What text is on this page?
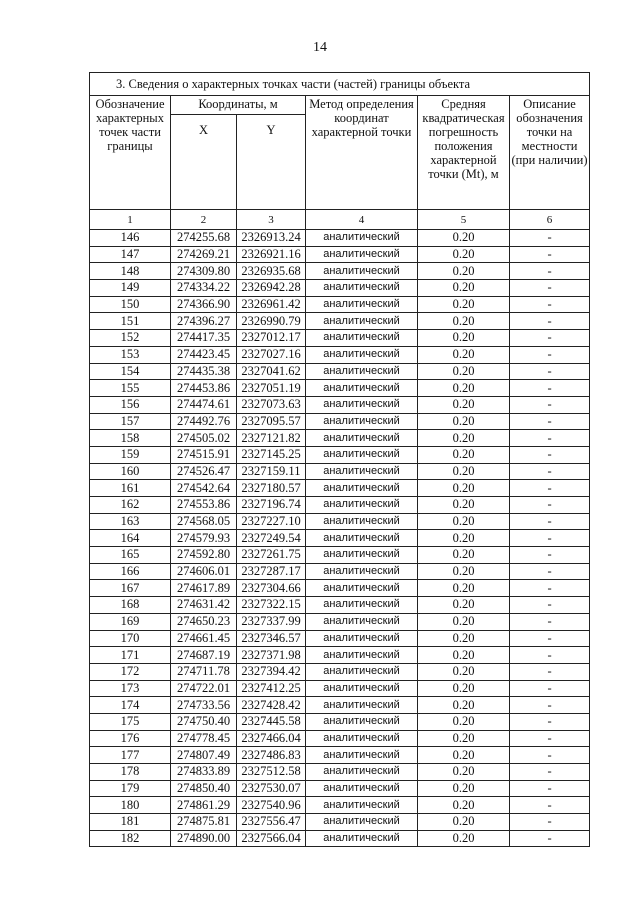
14
3. Сведения о характерных точках части (частей) границы объекта					
Обозначение характерных точек части границы	Координаты, м		Метод определения координат характерной точки	Средняя квадратическая погрешность положения характерной точки (Mt), м	Описание обозначения точки на местности (при наличии)
	X	Y			
1	2	3	4	5	6
146	274255.68	2326913.24	аналитический	0.20	-
147	274269.21	2326921.16	аналитический	0.20	-
148	274309.80	2326935.68	аналитический	0.20	-
149	274334.22	2326942.28	аналитический	0.20	-
150	274366.90	2326961.42	аналитический	0.20	-
151	274396.27	2326990.79	аналитический	0.20	-
152	274417.35	2327012.17	аналитический	0.20	-
153	274423.45	2327027.16	аналитический	0.20	-
154	274435.38	2327041.62	аналитический	0.20	-
155	274453.86	2327051.19	аналитический	0.20	-
156	274474.61	2327073.63	аналитический	0.20	-
157	274492.76	2327095.57	аналитический	0.20	-
158	274505.02	2327121.82	аналитический	0.20	-
159	274515.91	2327145.25	аналитический	0.20	-
160	274526.47	2327159.11	аналитический	0.20	-
161	274542.64	2327180.57	аналитический	0.20	-
162	274553.86	2327196.74	аналитический	0.20	-
163	274568.05	2327227.10	аналитический	0.20	-
164	274579.93	2327249.54	аналитический	0.20	-
165	274592.80	2327261.75	аналитический	0.20	-
166	274606.01	2327287.17	аналитический	0.20	-
167	274617.89	2327304.66	аналитический	0.20	-
168	274631.42	2327322.15	аналитический	0.20	-
169	274650.23	2327337.99	аналитический	0.20	-
170	274661.45	2327346.57	аналитический	0.20	-
171	274687.19	2327371.98	аналитический	0.20	-
172	274711.78	2327394.42	аналитический	0.20	-
173	274722.01	2327412.25	аналитический	0.20	-
174	274733.56	2327428.42	аналитический	0.20	-
175	274750.40	2327445.58	аналитический	0.20	-
176	274778.45	2327466.04	аналитический	0.20	-
177	274807.49	2327486.83	аналитический	0.20	-
178	274833.89	2327512.58	аналитический	0.20	-
179	274850.40	2327530.07	аналитический	0.20	-
180	274861.29	2327540.96	аналитический	0.20	-
181	274875.81	2327556.47	аналитический	0.20	-
182	274890.00	2327566.04	аналитический	0.20	-
